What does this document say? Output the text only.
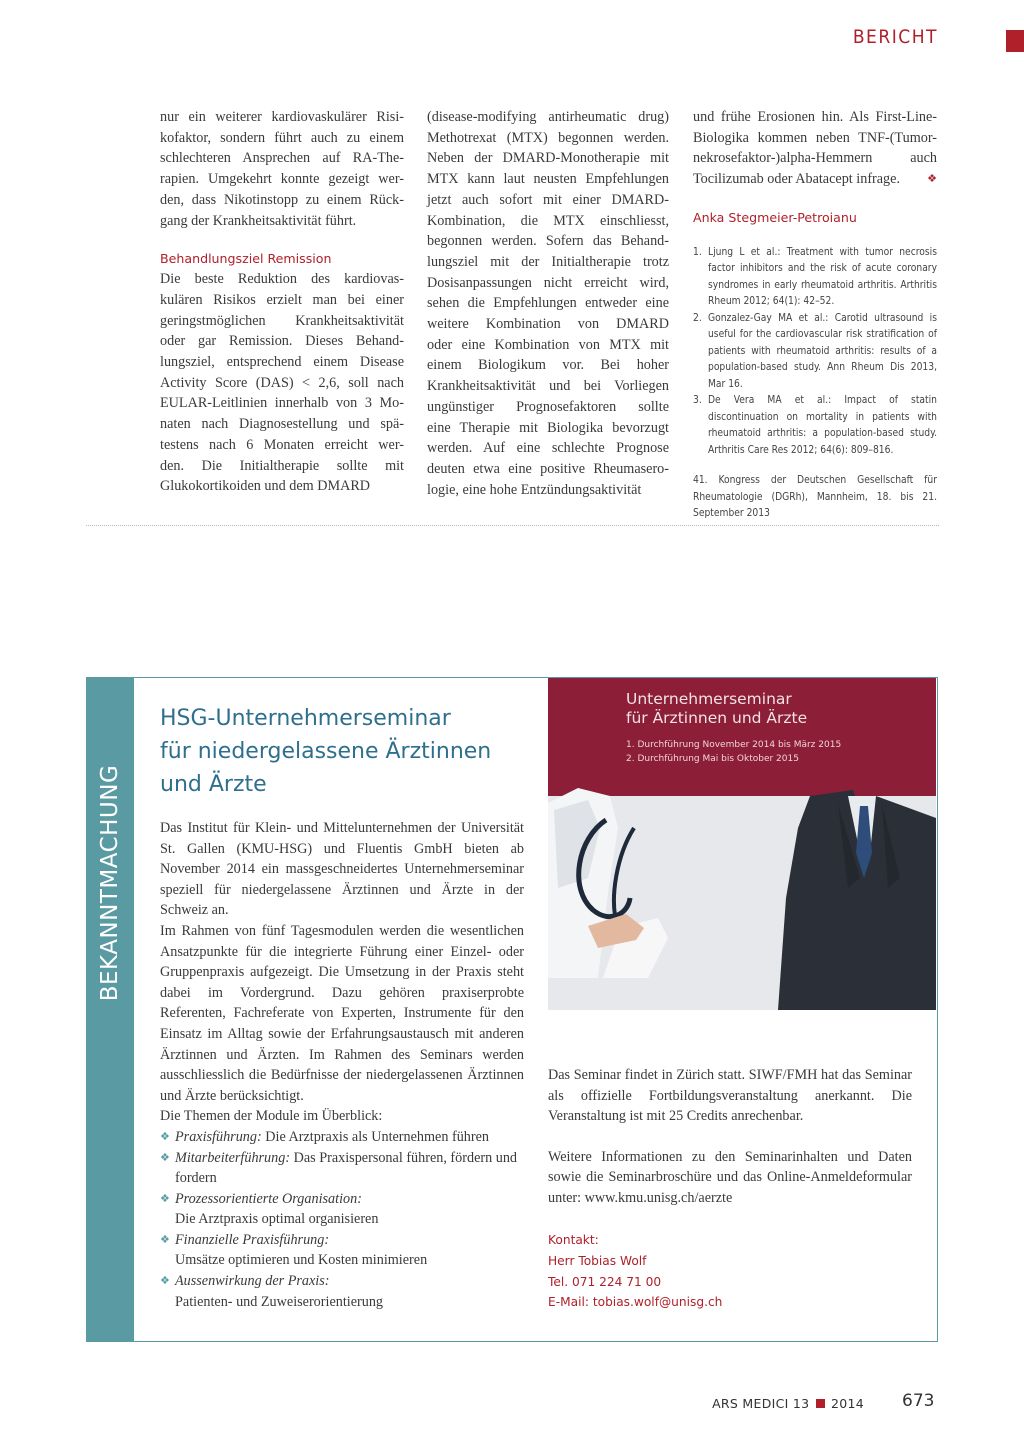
BERICHT
nur ein weiterer kardiovaskulärer Risi-
kofaktor, sondern führt auch zu einem
schlechteren Ansprechen auf RA-The-
rapien. Umgekehrt konnte gezeigt wer-
den, dass Nikotinstopp zu einem Rück-
gang der Krankheitsaktivität führt.
Behandlungsziel Remission
Die beste Reduktion des kardiovas-
kulären Risikos erzielt man bei einer
geringstmöglichen Krankheitsaktivität
oder gar Remission. Dieses Behand-
lungsziel, entsprechend einem Disease
Activity Score (DAS) < 2,6, soll nach
EULAR-Leitlinien innerhalb von 3 Mo-
naten nach Diagnosestellung und spä-
testens nach 6 Monaten erreicht wer-
den. Die Initialtherapie sollte mit
Glukokortikoiden und dem DMARD
(disease-modifying antirheumatic drug)
Methotrexat (MTX) begonnen werden.
Neben der DMARD-Monotherapie mit
MTX kann laut neusten Empfehlungen
jetzt auch sofort mit einer DMARD-
Kombination, die MTX einschliesst,
begonnen werden. Sofern das Behand-
lungsziel mit der Initialtherapie trotz
Dosisanpassungen nicht erreicht wird,
sehen die Empfehlungen entweder eine
weitere Kombination von DMARD
oder eine Kombination von MTX mit
einem Biologikum vor. Bei hoher
Krankheitsaktivität und bei Vorliegen
ungünstiger Prognosefaktoren sollte
eine Therapie mit Biologika bevorzugt
werden. Auf eine schlechte Prognose
deuten etwa eine positive Rheumasero-
logie, eine hohe Entzündungsaktivität
und frühe Erosionen hin. Als First-Line-
Biologika kommen neben TNF-(Tumor-
nekrosefaktor-)alpha-Hemmern auch
Tocilizumab oder Abatacept infrage. ❖
Anka Stegmeier-Petroianu
1. Ljung L et al.: Treatment with tumor necrosis factor inhibitors and the risk of acute coronary syndromes in early rheumatoid arthritis. Arthritis Rheum 2012; 64(1): 42–52.
2. Gonzalez-Gay MA et al.: Carotid ultrasound is useful for the cardiovascular risk stratification of patients with rheumatoid arthritis: results of a population-based study. Ann Rheum Dis 2013, Mar 16.
3. De Vera MA et al.: Impact of statin discontinuation on mortality in patients with rheumatoid arthritis: a population-based study. Arthritis Care Res 2012; 64(6): 809–816.
41. Kongress der Deutschen Gesellschaft für Rheumatologie (DGRh), Mannheim, 18. bis 21. September 2013
BEKANNTMACHUNG
HSG-Unternehmerseminar
für niedergelassene Ärztinnen
und Ärzte

Das Institut für Klein- und Mittelunternehmen der Universität St. Gallen (KMU-HSG) und Fluentis GmbH bieten ab November 2014 ein massgeschneidertes Unternehmerseminar speziell für niedergelassene Ärztinnen und Ärzte in der Schweiz an.

Im Rahmen von fünf Tagesmodulen werden die wesentlichen Ansatzpunkte für die integrierte Führung einer Einzel- oder Gruppenpraxis aufgezeigt. Die Umsetzung in der Praxis steht dabei im Vordergrund. Dazu gehören praxiserprobte Referenten, Fachreferate von Experten, Instrumente für den Einsatz im Alltag sowie der Erfahrungsaustausch mit anderen Ärztinnen und Ärzten. Im Rahmen des Seminars werden ausschliesslich die Bedürfnisse der niedergelassenen Ärztinnen und Ärzte berücksichtigt.

Die Themen der Module im Überblick:

❖ Praxisführung: Die Arztpraxis als Unternehmen führen
❖ Mitarbeiterführung: Das Praxispersonal führen, fördern und fordern
❖ Prozessorientierte Organisation:
Die Arztpraxis optimal organisieren
❖ Finanzielle Praxisführung:
Umsätze optimieren und Kosten minimieren
❖ Aussenwirkung der Praxis:
Patienten- und Zuweiserorientierung
Unternehmerseminar
für Ärztinnen und Ärzte
1. Durchführung November 2014 bis März 2015
2. Durchführung Mai bis Oktober 2015

Das Seminar findet in Zürich statt. SIWF/FMH hat das Seminar als offizielle Fortbildungsveranstaltung anerkannt. Die Veranstaltung ist mit 25 Credits anrechenbar.

Weitere Informationen zu den Seminarinhalten und Daten sowie die Seminarbroschüre und das Online-Anmeldeformular unter: www.kmu.unisg.ch/aerzte

Kontakt:
Herr Tobias Wolf
Tel. 071 224 71 00
E-Mail: tobias.wolf@unisg.ch
ARS MEDICI 13 2014 673
